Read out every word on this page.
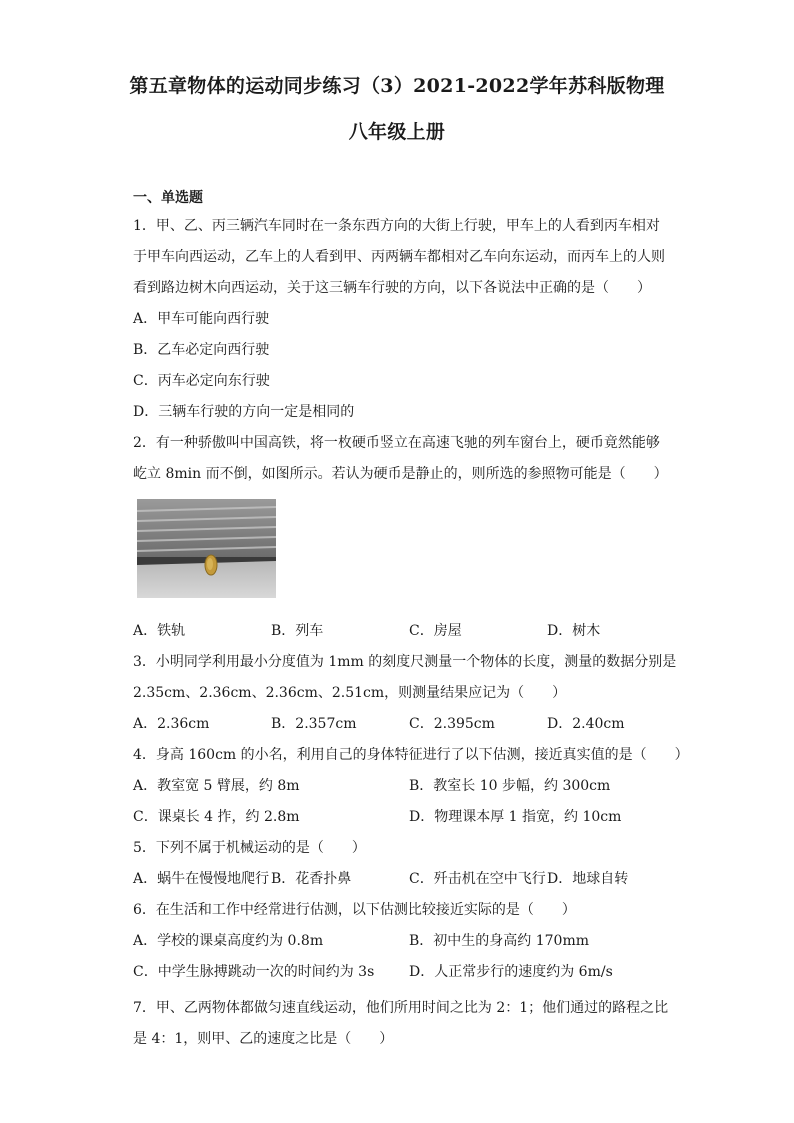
第五章物体的运动同步练习（3）2021-2022学年苏科版物理
八年级上册
一、单选题
1．甲、乙、丙三辆汽车同时在一条东西方向的大街上行驶，甲车上的人看到丙车相对
于甲车向西运动，乙车上的人看到甲、丙两辆车都相对乙车向东运动，而丙车上的人则
看到路边树木向西运动，关于这三辆车行驶的方向，以下各说法中正确的是（　　）
A．甲车可能向西行驶
B．乙车必定向西行驶
C．丙车必定向东行驶
D．三辆车行驶的方向一定是相同的
2．有一种骄傲叫中国高铁，将一枚硬币竖立在高速飞驰的列车窗台上，硬币竟然能够
屹立 8min 而不倒，如图所示。若认为硬币是静止的，则所选的参照物可能是（　　）
A．铁轨	B．列车	C．房屋	D．树木
3．小明同学利用最小分度值为 1mm 的刻度尺测量一个物体的长度，测量的数据分别是
2.35cm、2.36cm、2.36cm、2.51cm，则测量结果应记为（　　）
A．2.36cm	B．2.357cm	C．2.395cm	D．2.40cm
4．身高 160cm 的小名，利用自己的身体特征进行了以下估测，接近真实值的是（　　）
A．教室宽 5 臂展，约 8m	B．教室长 10 步幅，约 300cm
C．课桌长 4 拃，约 2.8m	D．物理课本厚 1 指宽，约 10cm
5．下列不属于机械运动的是（　　）
A．蜗牛在慢慢地爬行 B．花香扑鼻	C．歼击机在空中飞行 D．地球自转
6．在生活和工作中经常进行估测，以下估测比较接近实际的是（　　）
A．学校的课桌高度约为 0.8m	B．初中生的身高约 170mm
C．中学生脉搏跳动一次的时间约为 3s D．人正常步行的速度约为 6m/s
7．甲、乙两物体都做匀速直线运动，他们所用时间之比为 2：1；他们通过的路程之比
是 4：1，则甲、乙的速度之比是（　　）
